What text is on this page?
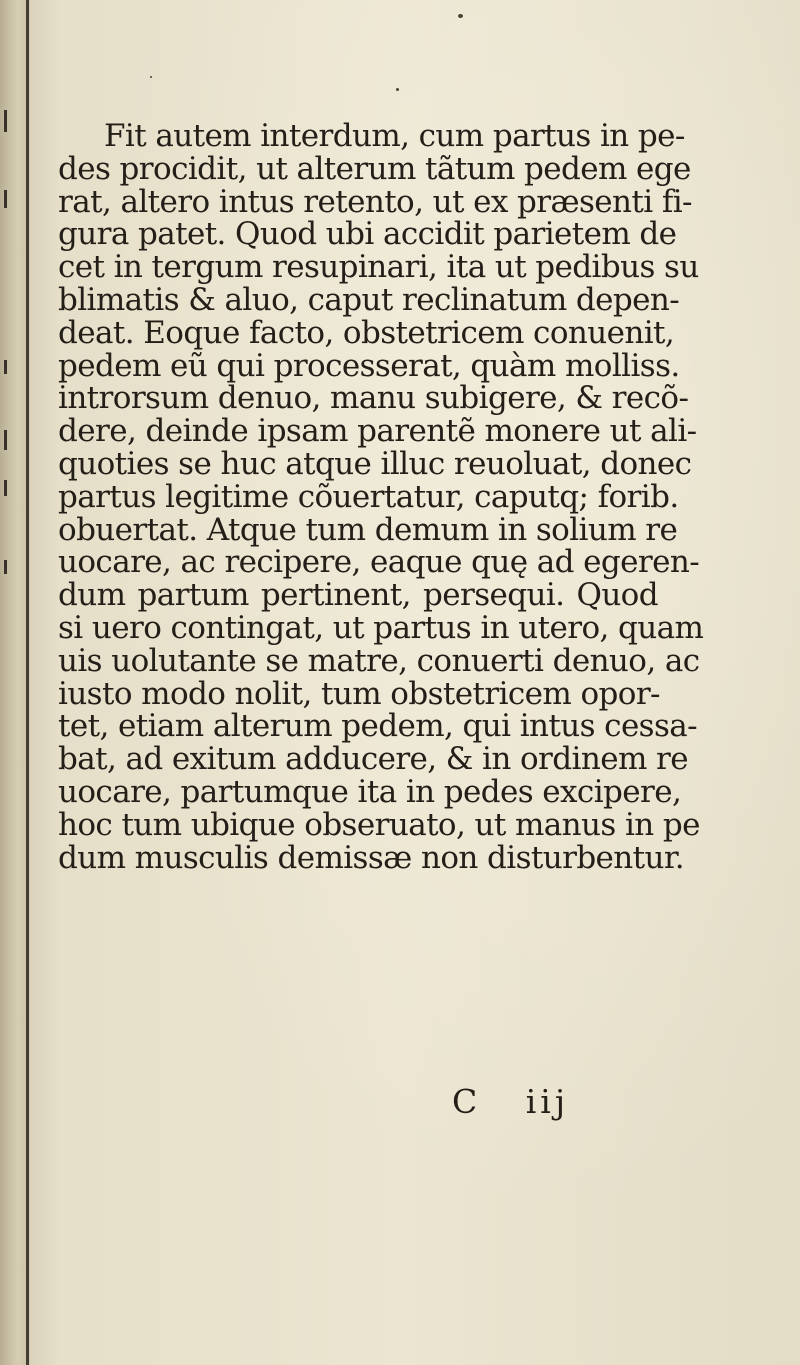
Fit autem interdum, cum partus in pe-
des procidit, ut alterum tãtum pedem ege
rat, altero intus retento, ut ex præsenti fi-
gura patet. Quod ubi accidit parietem de
cet in tergum resupinari, ita ut pedibus su
blimatis & aluo, caput reclinatum depen-
deat. Eoque facto, obstetricem conuenit,
pedem eũ qui processerat, quàm molliss.
introrsum denuo, manu subigere, & recõ-
dere, deinde ipsam parentẽ monere ut ali-
quoties se huc atque illuc reuoluat, donec
partus legitime cõuertatur, caputq; forib.
obuertat. Atque tum demum in solium re
uocare, ac recipere, eaque quę ad egeren-
dum partum pertinent, persequi. Quod
si uero contingat, ut partus in utero, quam
uis uolutante se matre, conuerti denuo, ac
iusto modo nolit, tum obstetricem opor-
tet, etiam alterum pedem, qui intus cessa-
bat, ad exitum adducere, & in ordinem re
uocare, partumque ita in pedes excipere,
hoc tum ubique obseruato, ut manus in pe
dum musculis demissæ non disturbentur.
C iij
